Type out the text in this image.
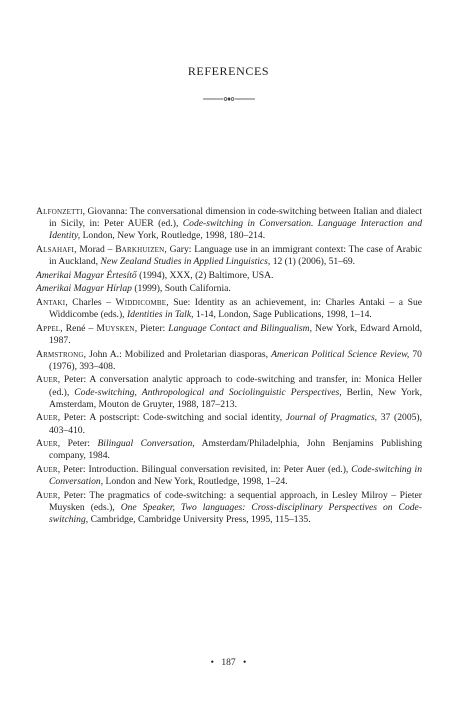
REFERENCES

Alfonzetti, Giovanna: The conversational dimension in code-switching between Italian and dialect in Sicily, in: Peter AUER (ed.), Code-switching in Conversation. Language Interaction and Identity, London, New York, Routledge, 1998, 180–214.

Alsahafi, Morad – Barkhuizen, Gary: Language use in an immigrant context: The case of Arabic in Auckland, New Zealand Studies in Applied Linguistics, 12 (1) (2006), 51–69.

Amerikai Magyar Értesítő (1994), XXX, (2) Baltimore, USA.

Amerikai Magyar Hírlap (1999), South California.

Antaki, Charles – Widdicombe, Sue: Identity as an achievement, in: Charles Antaki – a Sue Widdicombe (eds.), Identities in Talk, 1-14, London, Sage Publications, 1998, 1–14.

Appel, René – Muysken, Pieter: Language Contact and Bilingualism, New York, Edward Arnold, 1987.

Armstrong, John A.: Mobilized and Proletarian diasporas, American Political Science Review, 70 (1976), 393–408.

Auer, Peter: A conversation analytic approach to code-switching and transfer, in: Monica Heller (ed.), Code-switching, Anthropological and Sociolinguistic Perspectives, Berlin, New York, Amsterdam, Mouton de Gruyter, 1988, 187–213.

Auer, Peter: A postscript: Code-switching and social identity, Journal of Pragmatics, 37 (2005), 403–410.

Auer, Peter: Bilingual Conversation, Amsterdam/Philadelphia, John Benjamins Publishing company, 1984.

Auer, Peter: Introduction. Bilingual conversation revisited, in: Peter Auer (ed.), Code-switching in Conversation, London and New York, Routledge, 1998, 1–24.

Auer, Peter: The pragmatics of code-switching: a sequential approach, in Lesley Milroy – Pieter Muysken (eds.), One Speaker, Two languages: Cross-disciplinary Perspectives on Code-switching, Cambridge, Cambridge University Press, 1995, 115–135.

• 187 •
